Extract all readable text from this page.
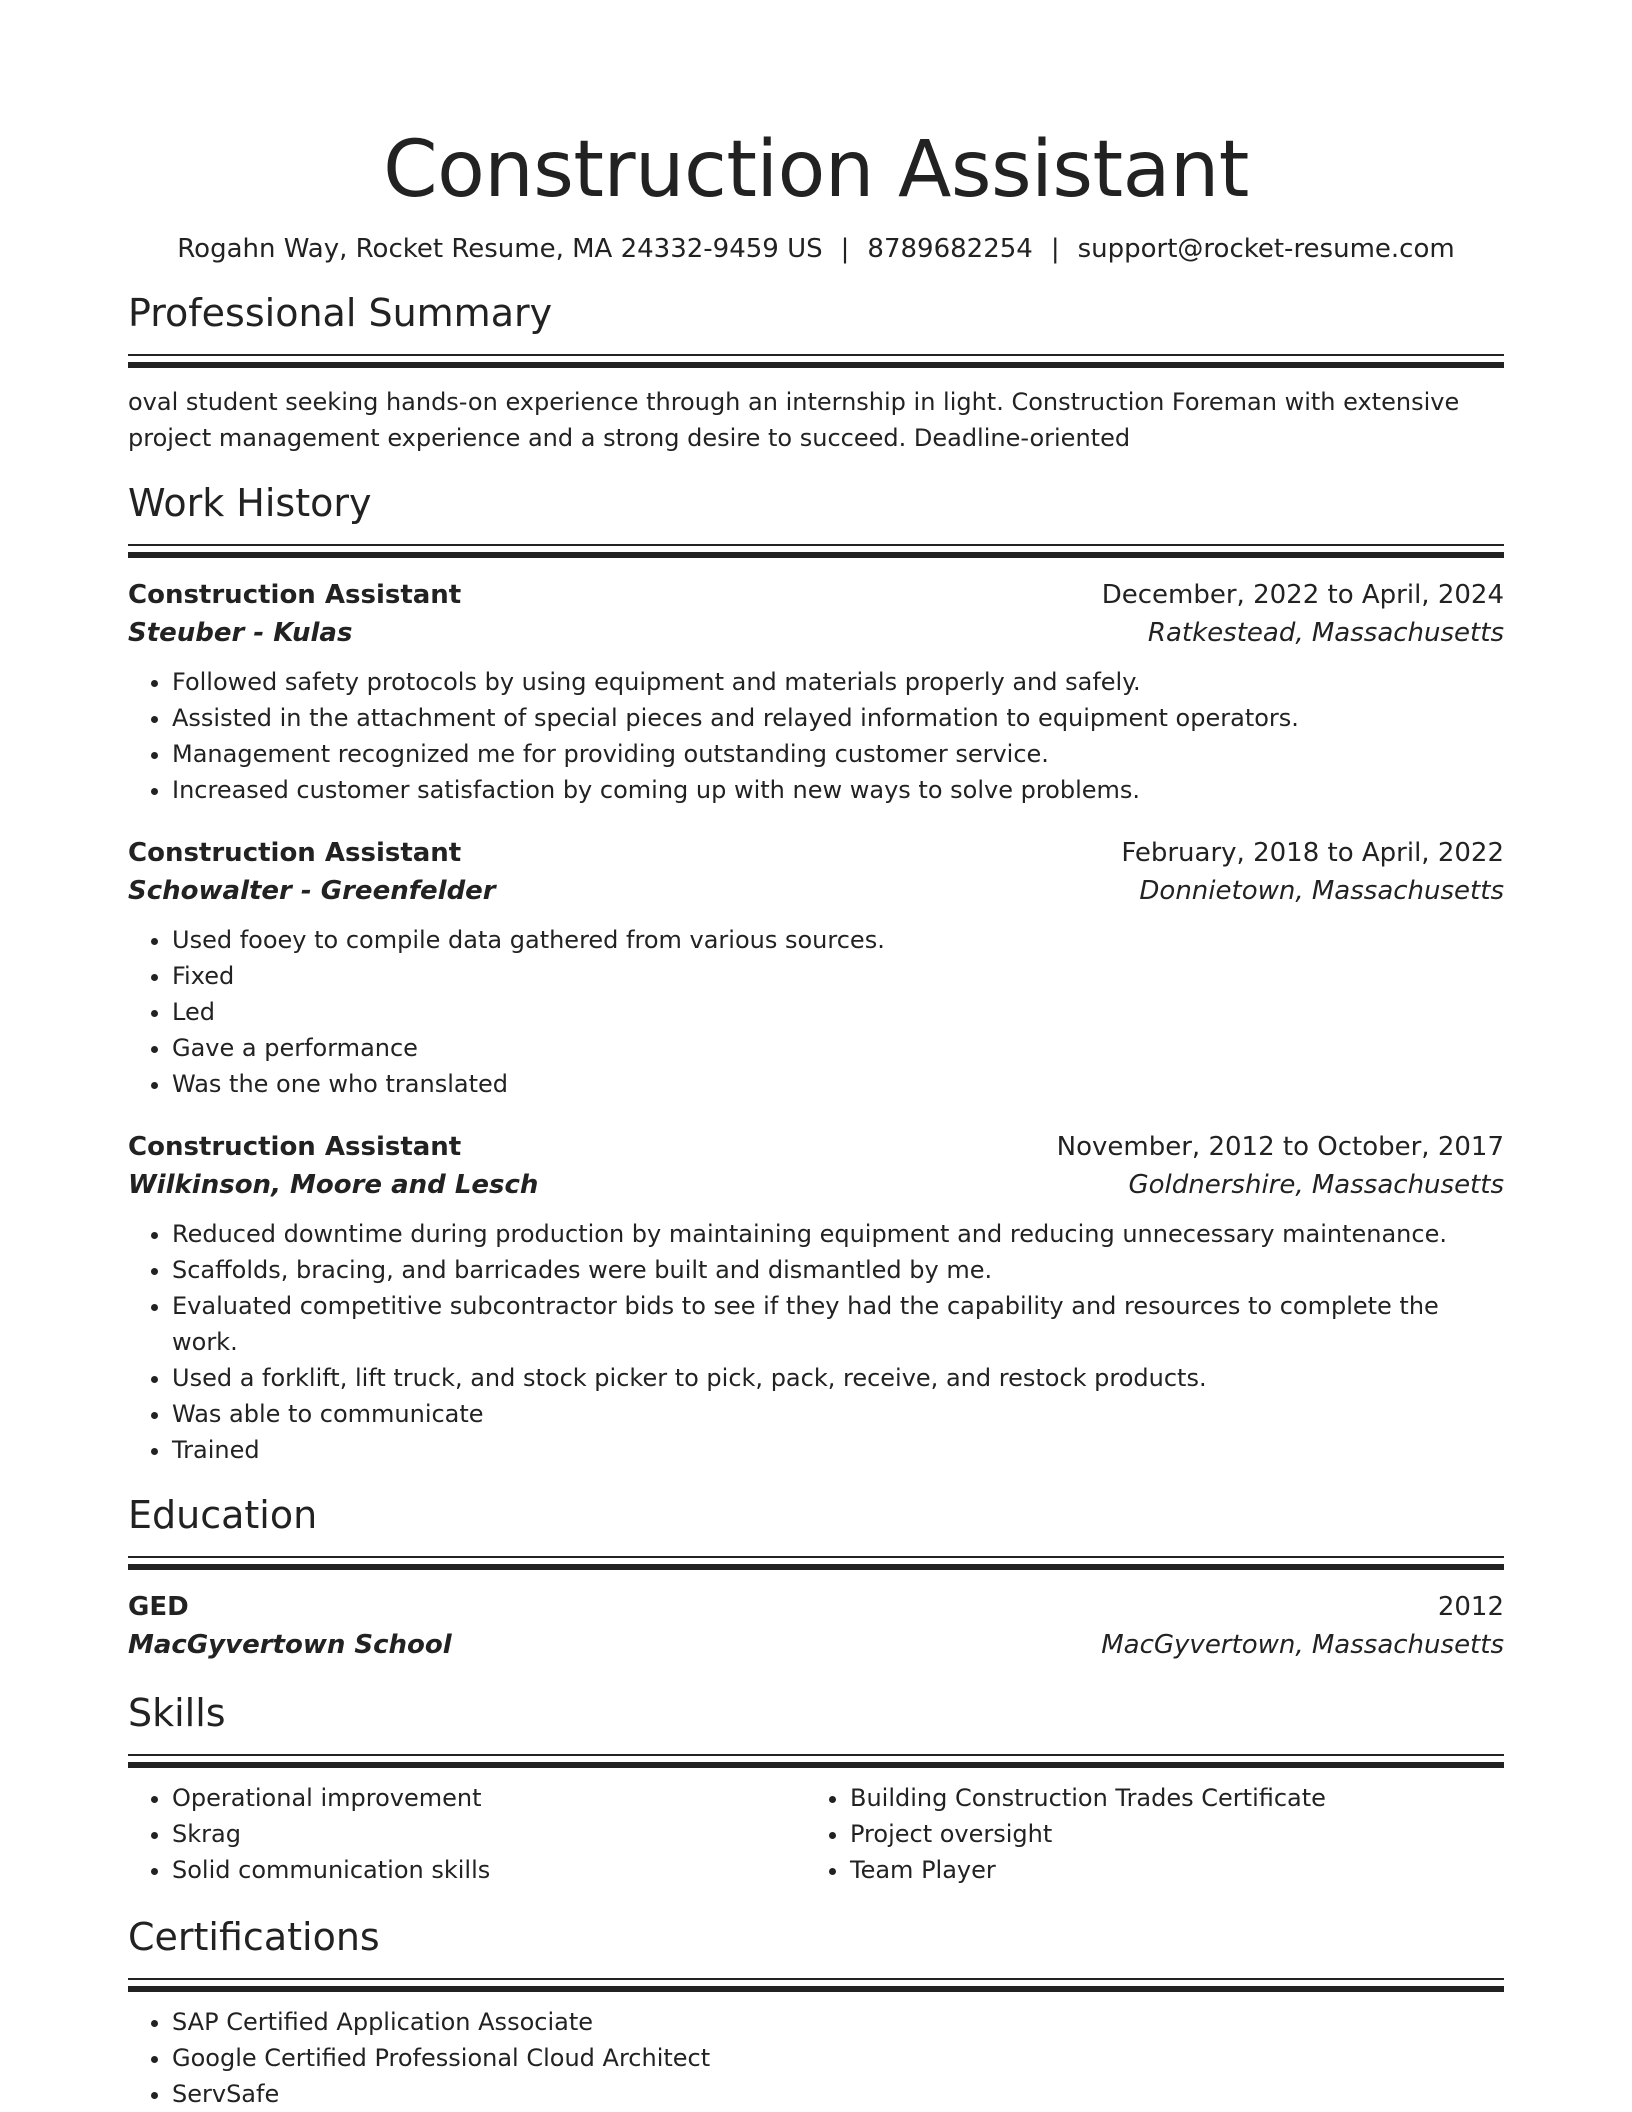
Construction Assistant
Rogahn Way, Rocket Resume, MA 24332-9459 US | 8789682254 | support@rocket-resume.com
Professional Summary
oval student seeking hands-on experience through an internship in light. Construction Foreman with extensive project management experience and a strong desire to succeed. Deadline-oriented
Work History
Construction Assistant	December, 2022 to April, 2024
Steuber - Kulas	Ratkestead, Massachusetts
• Followed safety protocols by using equipment and materials properly and safely.
• Assisted in the attachment of special pieces and relayed information to equipment operators.
• Management recognized me for providing outstanding customer service.
• Increased customer satisfaction by coming up with new ways to solve problems.
Construction Assistant	February, 2018 to April, 2022
Schowalter - Greenfelder	Donnietown, Massachusetts
• Used fooey to compile data gathered from various sources.
• Fixed
• Led
• Gave a performance
• Was the one who translated
Construction Assistant	November, 2012 to October, 2017
Wilkinson, Moore and Lesch	Goldnershire, Massachusetts
• Reduced downtime during production by maintaining equipment and reducing unnecessary maintenance.
• Scaffolds, bracing, and barricades were built and dismantled by me.
• Evaluated competitive subcontractor bids to see if they had the capability and resources to complete the work.
• Used a forklift, lift truck, and stock picker to pick, pack, receive, and restock products.
• Was able to communicate
• Trained
Education
GED	2012
MacGyvertown School	MacGyvertown, Massachusetts
Skills
• Operational improvement
• Skrag
• Solid communication skills
• Building Construction Trades Certificate
• Project oversight
• Team Player
Certifications
• SAP Certified Application Associate
• Google Certified Professional Cloud Architect
• ServSafe
